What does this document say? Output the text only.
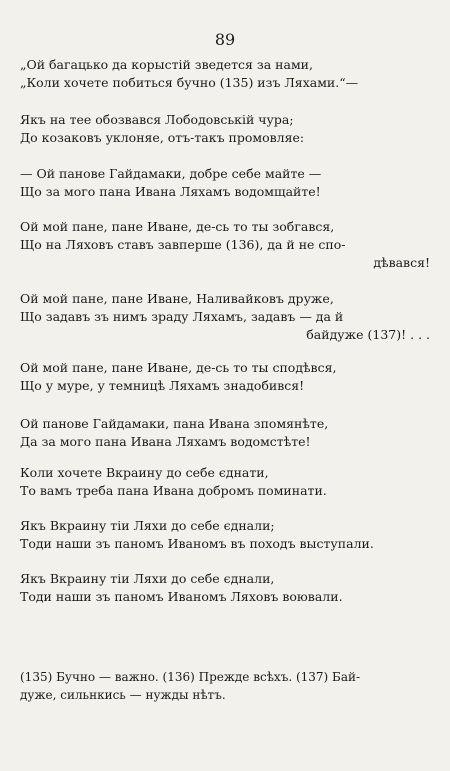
89
„Ой багацько да корыстій зведется за нами,
„Коли хочете побиться бучно (135) изъ Ляхами.“—
Якъ на тее обозвався Лободовській чура;
До козаковъ уклоняе, отъ-такъ промовляе:
— Ой панове Гайдамаки, добре себе майте —
Що за мого пана Ивана Ляхамъ водомщайте!
Ой мой пане, пане Иване, де-сь то ты зобгався,
Що на Ляховъ ставъ завперше (136), да й не спо-
дѣвався!
Ой мой пане, пане Иване, Наливайковъ друже,
Що задавъ зъ нимъ зраду Ляхамъ, задавъ — да й
байдуже (137)! . . .
Ой мой пане, пане Иване, де-сь то ты сподѣвся,
Що у муре, у темницѣ Ляхамъ знадобився!
Ой панове Гайдамаки, пана Ивана зпомянѣте,
Да за мого пана Ивана Ляхамъ водомстѣте!
Коли хочете Вкраину до себе єднати,
То вамъ треба пана Ивана добромъ поминати.
Якъ Вкраину тіи Ляхи до себе єднали;
Тоди наши зъ паномъ Иваномъ въ походъ выступали.
Якъ Вкраину тіи Ляхи до себе єднали,
Тоди наши зъ паномъ Иваномъ Ляховъ воювали.
(135) Бучно — важно. (136) Прежде всѣхъ. (137) Бай-
дуже, сильнкись — нужды нѣтъ.
